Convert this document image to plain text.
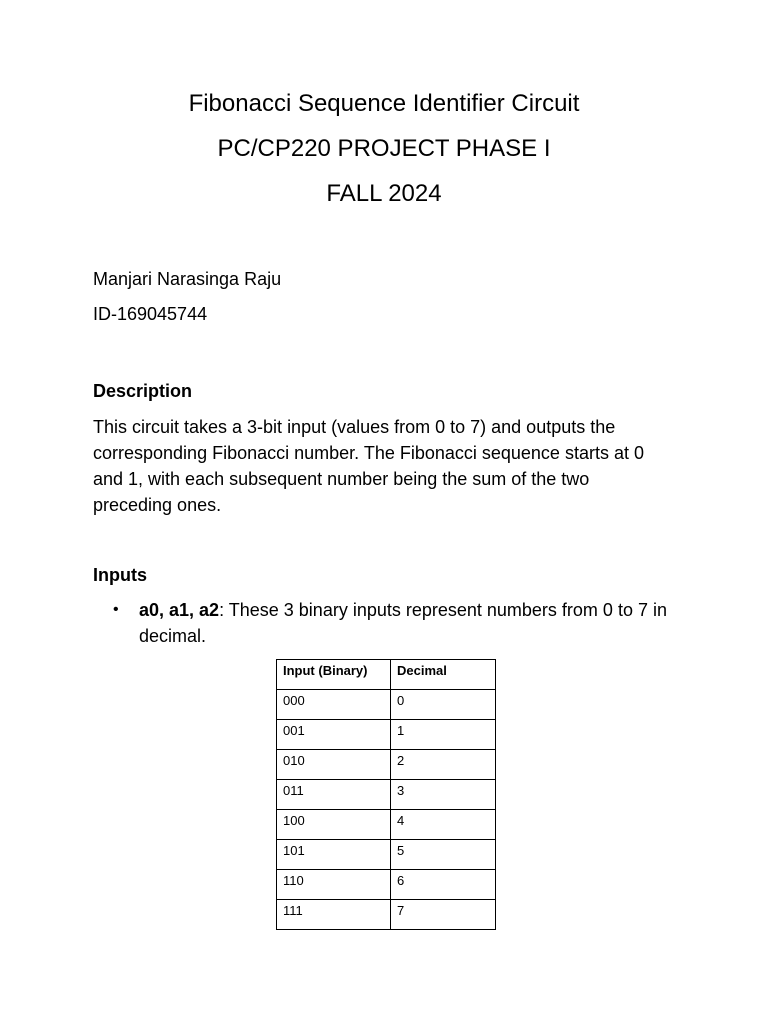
Fibonacci Sequence Identifier Circuit
PC/CP220 PROJECT PHASE I
FALL 2024
Manjari Narasinga Raju
ID-169045744
Description
This circuit takes a 3-bit input (values from 0 to 7) and outputs the corresponding Fibonacci number. The Fibonacci sequence starts at 0 and 1, with each subsequent number being the sum of the two preceding ones.
Inputs
• a0, a1, a2: These 3 binary inputs represent numbers from 0 to 7 in decimal.
Input (Binary)	Decimal
000	0
001	1
010	2
011	3
100	4
101	5
110	6
111	7
